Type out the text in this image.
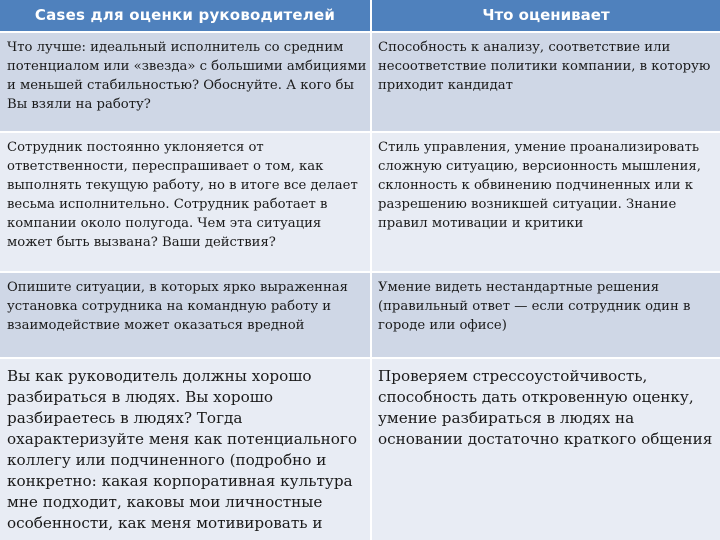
Cases для оценки руководителей	Что оценивает
Что лучше: идеальный исполнитель со средним потенциалом или «звезда» с большими амбициями и меньшей стабильностью? Обоснуйте. А кого бы Вы взяли на работу?
Способность к анализу, соответствие или несоответствие политики компании, в которую приходит кандидат
Сотрудник постоянно уклоняется от ответственности, переспрашивает о том, как выполнять текущую работу, но в итоге все делает весьма исполнительно. Сотрудник работает в компании около полугода. Чем эта ситуация может быть вызвана? Ваши действия?
Стиль управления, умение проанализировать сложную ситуацию, версионность мышления, склонность к обвинению подчиненных или к разрешению возникшей ситуации. Знание правил мотивации и критики
Опишите ситуации, в которых ярко выраженная установка сотрудника на командную работу и взаимодействие может оказаться вредной
Умение видеть нестандартные решения (правильный ответ — если сотрудник один в городе или офисе)
Вы как руководитель должны хорошо разбираться в людях. Вы хорошо разбираетесь в людях? Тогда охарактеризуйте меня как потенциального коллегу или подчиненного (подробно и конкретно: какая корпоративная культура мне подходит, каковы мои личностные особенности, как меня мотивировать и
Проверяем стрессоустойчивость, способность дать откровенную оценку, умение разбираться в людях на основании достаточно краткого общения
